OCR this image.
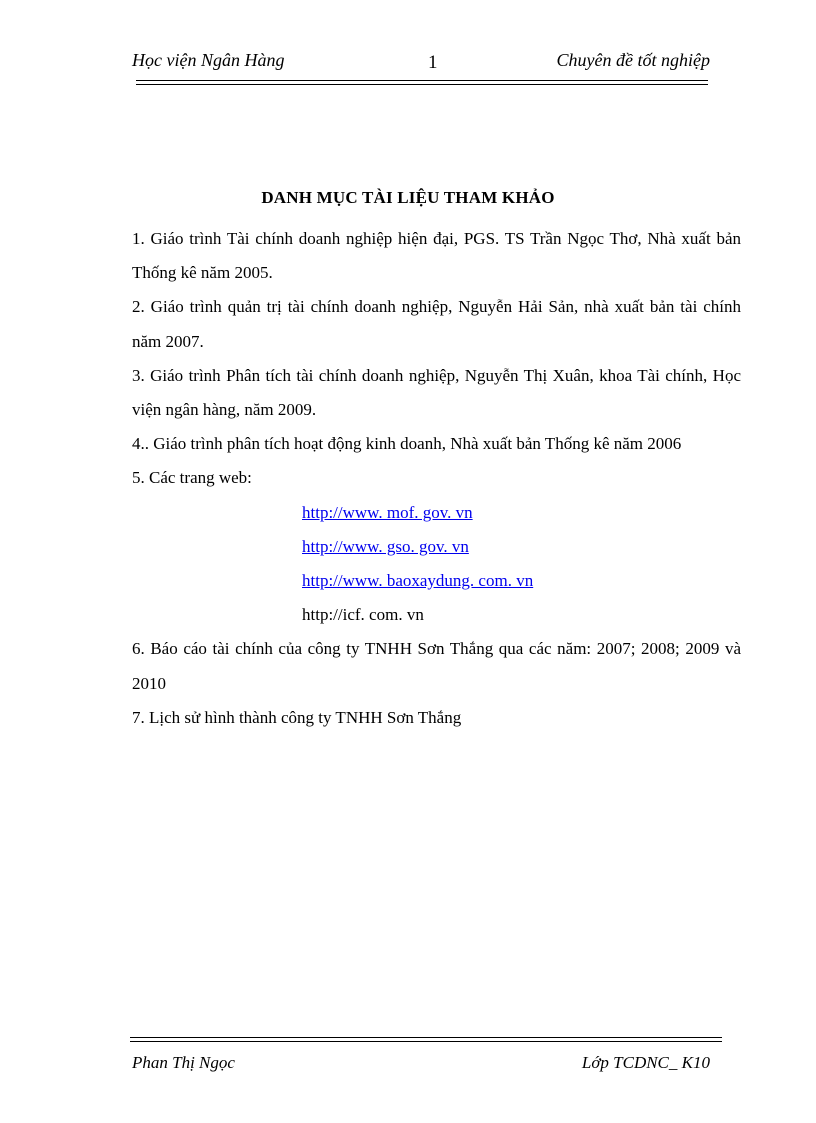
Học viện Ngân Hàng	1	Chuyên đề tốt nghiệp
DANH MỤC TÀI LIỆU THAM KHẢO

1. Giáo trình Tài chính doanh nghiệp hiện đại, PGS. TS Trần Ngọc Thơ, Nhà xuất bản Thống kê năm 2005.

2. Giáo trình quản trị tài chính doanh nghiệp, Nguyễn Hải Sản, nhà xuất bản tài chính năm 2007.

3. Giáo trình Phân tích tài chính doanh nghiệp, Nguyễn Thị Xuân, khoa Tài chính, Học viện ngân hàng, năm 2009.

4.. Giáo trình phân tích hoạt động kinh doanh, Nhà xuất bản Thống kê năm 2006

5. Các trang web:

http://www. mof. gov. vn
http://www. gso. gov. vn
http://www. baoxaydung. com. vn
http://icf. com. vn

6. Báo cáo tài chính của công ty TNHH Sơn Thắng qua các năm: 2007; 2008; 2009 và 2010

7. Lịch sử hình thành công ty TNHH Sơn Thắng

Phan Thị Ngọc	Lớp TCDNC_ K10
